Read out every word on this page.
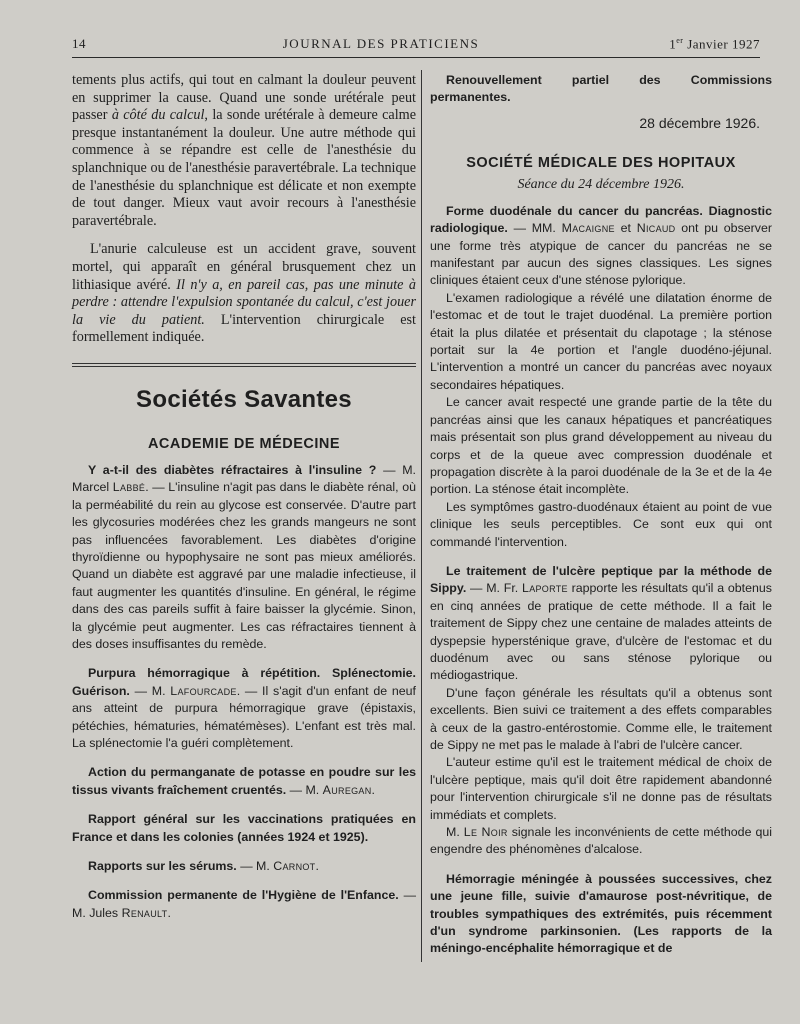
14	JOURNAL DES PRATICIENS	1er Janvier 1927

tements plus actifs, qui tout en calmant la douleur peuvent en supprimer la cause. Quand une sonde urétérale peut passer à côté du calcul, la sonde urétérale à demeure calme presque instantanément la douleur. Une autre méthode qui commence à se répandre est celle de l'anesthésie du splanchnique ou de l'anesthésie paravertébrale. La technique de l'anesthésie du splanchnique est délicate et non exempte de tout danger. Mieux vaut avoir recours à l'anesthésie paravertébrale.

L'anurie calculeuse est un accident grave, souvent mortel, qui apparaît en général brusquement chez un lithiasique avéré. Il n'y a, en pareil cas, pas une minute à perdre : attendre l'expulsion spontanée du calcul, c'est jouer la vie du patient. L'intervention chirurgicale est formellement indiquée.

Sociétés Savantes
ACADEMIE DE MÉDECINE

Y a-t-il des diabètes réfractaires à l'insuline ? — M. Marcel Labbé. — L'insuline n'agit pas dans le diabète rénal, où la perméabilité du rein au glycose est conservée. D'autre part les glycosuries modérées chez les grands mangeurs ne sont pas influencées favorablement. Les diabètes d'origine thyroïdienne ou hypophysaire ne sont pas mieux améliorés. Quand un diabète est aggravé par une maladie infectieuse, il faut augmenter les quantités d'insuline. En général, le régime dans des cas pareils suffit à faire baisser la glycémie. Sinon, la glycémie peut augmenter. Les cas réfractaires tiennent à des doses insuffisantes du remède.

Purpura hémorragique à répétition. Splénectomie. Guérison. — M. Lafourcade. — Il s'agit d'un enfant de neuf ans atteint de purpura hémorragique grave (épistaxis, pétéchies, hématuries, hématémèses). L'enfant est très mal. La splénectomie l'a guéri complètement.

Action du permanganate de potasse en poudre sur les tissus vivants fraîchement cruentés. — M. Auregan.

Rapport général sur les vaccinations pratiquées en France et dans les colonies (années 1924 et 1925).

Rapports sur les sérums. — M. Carnot.

Commission permanente de l'Hygiène de l'Enfance. — M. Jules Renault.

Renouvellement partiel des Commissions permanentes.

28 décembre 1926.
SOCIÉTÉ MÉDICALE DES HOPITAUX
Séance du 24 décembre 1926.

Forme duodénale du cancer du pancréas. Diagnostic radiologique. — MM. Macaigne et Nicaud ont pu observer une forme très atypique de cancer du pancréas ne se manifestant par aucun des signes classiques. Les signes cliniques étaient ceux d'une sténose pylorique.

L'examen radiologique a révélé une dilatation énorme de l'estomac et de tout le trajet duodénal. La première portion était la plus dilatée et présentait du clapotage ; la sténose portait sur la 4e portion et l'angle duodéno-jéjunal. L'intervention a montré un cancer du pancréas avec noyaux secondaires hépatiques.

Le cancer avait respecté une grande partie de la tête du pancréas ainsi que les canaux hépatiques et pancréatiques mais présentait son plus grand développement au niveau du corps et de la queue avec compression duodénale et propagation discrète à la paroi duodénale de la 3e et de la 4e portion. La sténose était incomplète.

Les symptômes gastro-duodénaux étaient au point de vue clinique les seuls perceptibles. Ce sont eux qui ont commandé l'intervention.

Le traitement de l'ulcère peptique par la méthode de Sippy. — M. Fr. Laporte rapporte les résultats qu'il a obtenus en cinq années de pratique de cette méthode. Il a fait le traitement de Sippy chez une centaine de malades atteints de dyspepsie hypersténique grave, d'ulcère de l'estomac et du duodénum avec ou sans sténose pylorique ou médiogastrique.

D'une façon générale les résultats qu'il a obtenus sont excellents. Bien suivi ce traitement a des effets comparables à ceux de la gastro-entérostomie. Comme elle, le traitement de Sippy ne met pas le malade à l'abri de l'ulcère cancer.

L'auteur estime qu'il est le traitement médical de choix de l'ulcère peptique, mais qu'il doit être rapidement abandonné pour l'intervention chirurgicale s'il ne donne pas de résultats immédiats et complets.

M. Le Noir signale les inconvénients de cette méthode qui engendre des phénomènes d'alcalose.

Hémorragie méningée à poussées successives, chez une jeune fille, suivie d'amaurose post-névritique, de troubles sympathiques des extrémités, puis récemment d'un syndrome parkinsonien. (Les rapports de la méningo-encéphalite hémorragique et de
